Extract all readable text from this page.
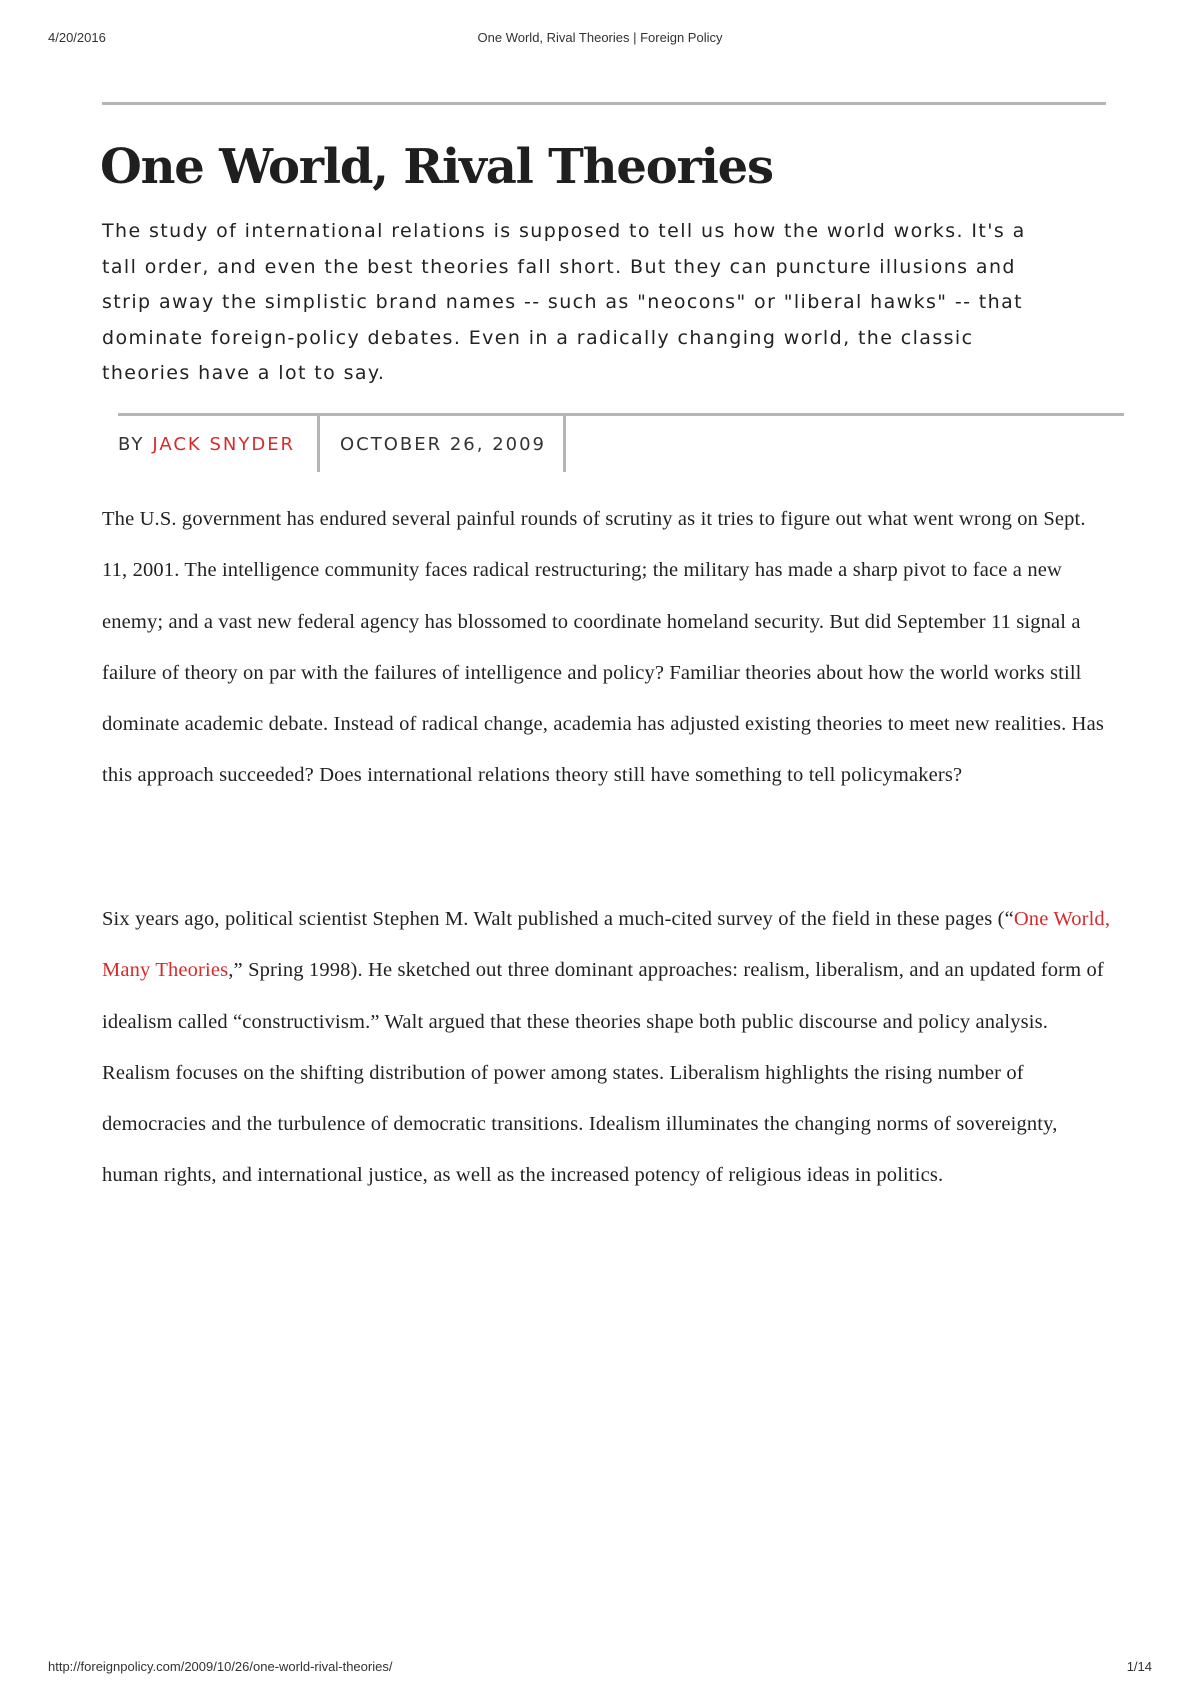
4/20/2016	One World, Rival Theories | Foreign Policy
One World, Rival Theories

The study of international relations is supposed to tell us how the world works. It's a tall order, and even the best theories fall short. But they can puncture illusions and strip away the simplistic brand names -- such as "neocons" or "liberal hawks" -- that dominate foreign-policy debates. Even in a radically changing world, the classic theories have a lot to say.

BY JACK SNYDER OCTOBER 26, 2009

The U.S. government has endured several painful rounds of scrutiny as it tries to figure out what went wrong on Sept. 11, 2001. The intelligence community faces radical restructuring; the military has made a sharp pivot to face a new enemy; and a vast new federal agency has blossomed to coordinate homeland security. But did September 11 signal a failure of theory on par with the failures of intelligence and policy? Familiar theories about how the world works still dominate academic debate. Instead of radical change, academia has adjusted existing theories to meet new realities. Has this approach succeeded? Does international relations theory still have something to tell policymakers?

Six years ago, political scientist Stephen M. Walt published a much-cited survey of the field in these pages (“One World, Many Theories,” Spring 1998). He sketched out three dominant approaches: realism, liberalism, and an updated form of idealism called “constructivism.” Walt argued that these theories shape both public discourse and policy analysis. Realism focuses on the shifting distribution of power among states. Liberalism highlights the rising number of democracies and the turbulence of democratic transitions. Idealism illuminates the changing norms of sovereignty, human rights, and international justice, as well as the increased potency of religious ideas in politics.

http://foreignpolicy.com/2009/10/26/one-world-rival-theories/	1/14
